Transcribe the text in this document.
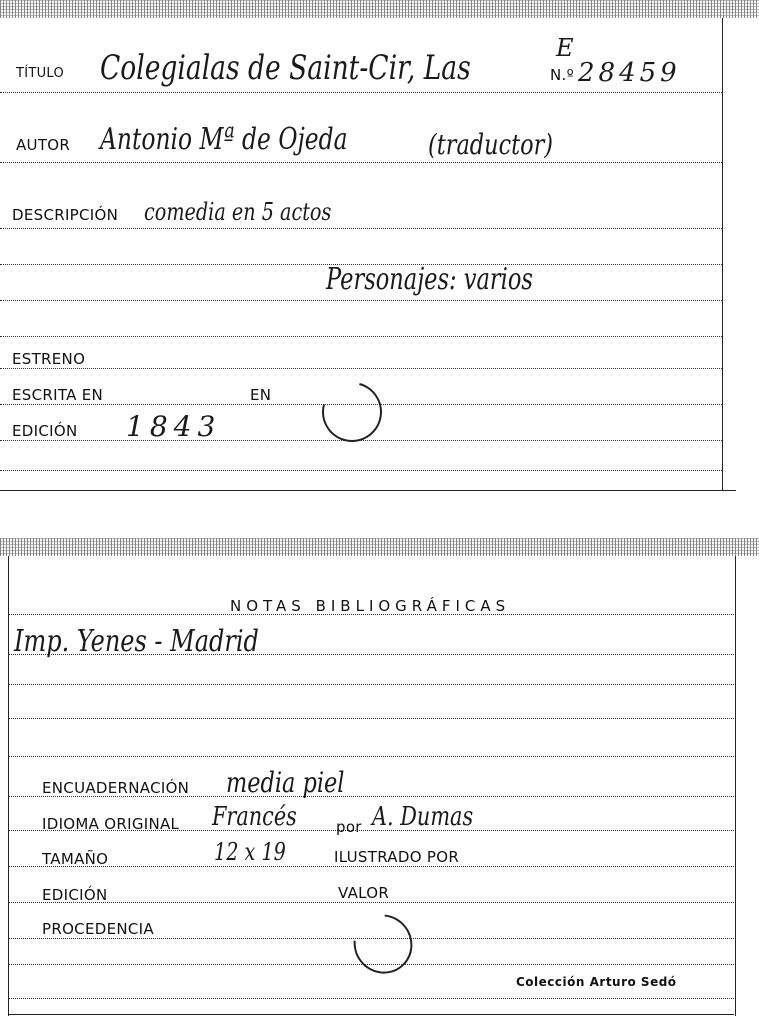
TÍTULO Colegialas de Saint-Cir, Las	E
N.º 28459
AUTOR Antonio Mª de Ojeda	(traductor)
DESCRIPCIÓN comedia en 5 actos
Personajes: varios
ESTRENO
ESCRITA EN	EN
EDICIÓN 1843
NOTAS BIBLIOGRÁFICAS
Imp. Yenes - Madrid
ENCUADERNACIÓN media piel
IDIOMA ORIGINAL Francés	por A. Dumas
TAMAÑO	12 x 19	ILUSTRADO POR
EDICIÓN	VALOR
PROCEDENCIA
Colección Arturo Sedó
